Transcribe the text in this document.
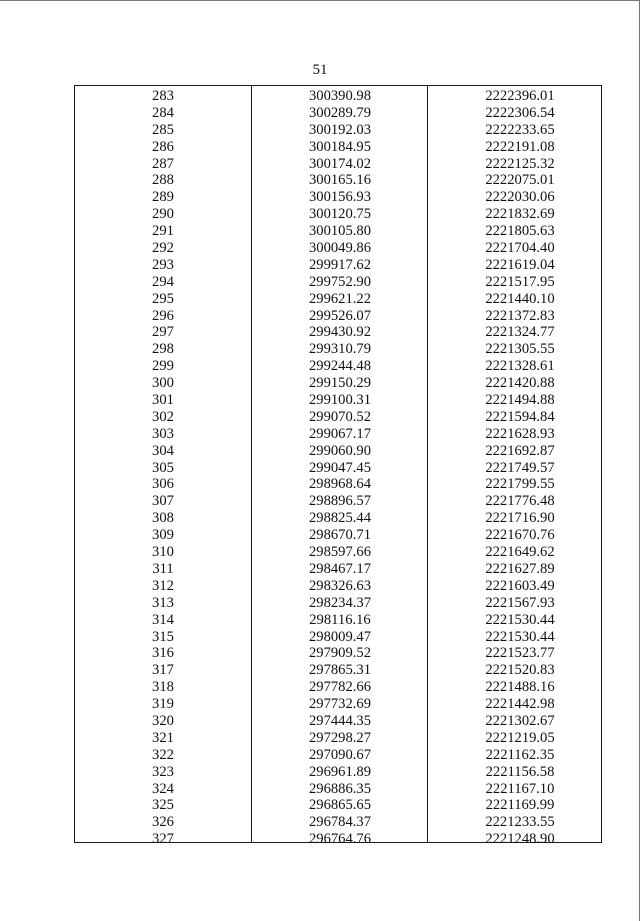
51
283	300390.98	2222396.01
284	300289.79	2222306.54
285	300192.03	2222233.65
286	300184.95	2222191.08
287	300174.02	2222125.32
288	300165.16	2222075.01
289	300156.93	2222030.06
290	300120.75	2221832.69
291	300105.80	2221805.63
292	300049.86	2221704.40
293	299917.62	2221619.04
294	299752.90	2221517.95
295	299621.22	2221440.10
296	299526.07	2221372.83
297	299430.92	2221324.77
298	299310.79	2221305.55
299	299244.48	2221328.61
300	299150.29	2221420.88
301	299100.31	2221494.88
302	299070.52	2221594.84
303	299067.17	2221628.93
304	299060.90	2221692.87
305	299047.45	2221749.57
306	298968.64	2221799.55
307	298896.57	2221776.48
308	298825.44	2221716.90
309	298670.71	2221670.76
310	298597.66	2221649.62
311	298467.17	2221627.89
312	298326.63	2221603.49
313	298234.37	2221567.93
314	298116.16	2221530.44
315	298009.47	2221530.44
316	297909.52	2221523.77
317	297865.31	2221520.83
318	297782.66	2221488.16
319	297732.69	2221442.98
320	297444.35	2221302.67
321	297298.27	2221219.05
322	297090.67	2221162.35
323	296961.89	2221156.58
324	296886.35	2221167.10
325	296865.65	2221169.99
326	296784.37	2221233.55
327	296764.76	2221248.90
